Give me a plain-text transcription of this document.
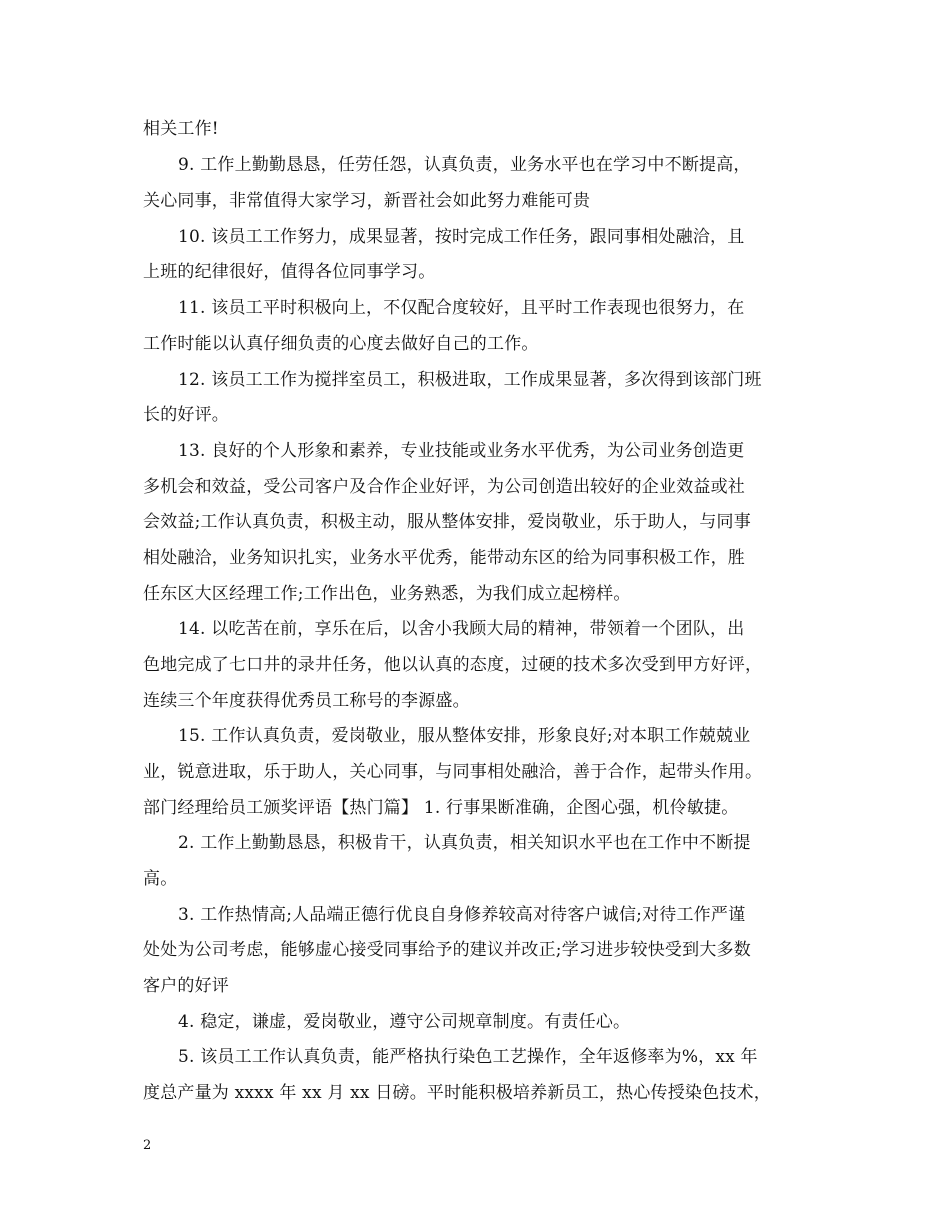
相关工作!
9. 工作上勤勤恳恳，任劳任怨，认真负责，业务水平也在学习中不断提高，
关心同事，非常值得大家学习，新晋社会如此努力难能可贵
10. 该员工工作努力，成果显著，按时完成工作任务，跟同事相处融洽，且
上班的纪律很好，值得各位同事学习。
11. 该员工平时积极向上，不仅配合度较好，且平时工作表现也很努力，在
工作时能以认真仔细负责的心度去做好自己的工作。
12. 该员工工作为搅拌室员工，积极进取，工作成果显著，多次得到该部门班
长的好评。
13. 良好的个人形象和素养，专业技能或业务水平优秀，为公司业务创造更
多机会和效益，受公司客户及合作企业好评，为公司创造出较好的企业效益或社
会效益;工作认真负责，积极主动，服从整体安排，爱岗敬业，乐于助人，与同事
相处融洽，业务知识扎实，业务水平优秀，能带动东区的给为同事积极工作，胜
任东区大区经理工作;工作出色，业务熟悉，为我们成立起榜样。
14. 以吃苦在前，享乐在后，以舍小我顾大局的精神，带领着一个团队，出
色地完成了七口井的录井任务，他以认真的态度，过硬的技术多次受到甲方好评，
连续三个年度获得优秀员工称号的李源盛。
15. 工作认真负责，爱岗敬业，服从整体安排，形象良好;对本职工作兢兢业
业，锐意进取，乐于助人，关心同事，与同事相处融洽，善于合作，起带头作用。
部门经理给员工颁奖评语【热门篇】 1. 行事果断准确，企图心强，机伶敏捷。
2. 工作上勤勤恳恳，积极肯干，认真负责，相关知识水平也在工作中不断提
高。
3. 工作热情高;人品端正德行优良自身修养较高对待客户诚信;对待工作严谨
处处为公司考虑，能够虚心接受同事给予的建议并改正;学习进步较快受到大多数
客户的好评
4. 稳定，谦虚，爱岗敬业，遵守公司规章制度。有责任心。
5. 该员工工作认真负责，能严格执行染色工艺操作，全年返修率为%，xx 年
度总产量为 xxxx 年 xx 月 xx 日磅。平时能积极培养新员工，热心传授染色技术，
2
